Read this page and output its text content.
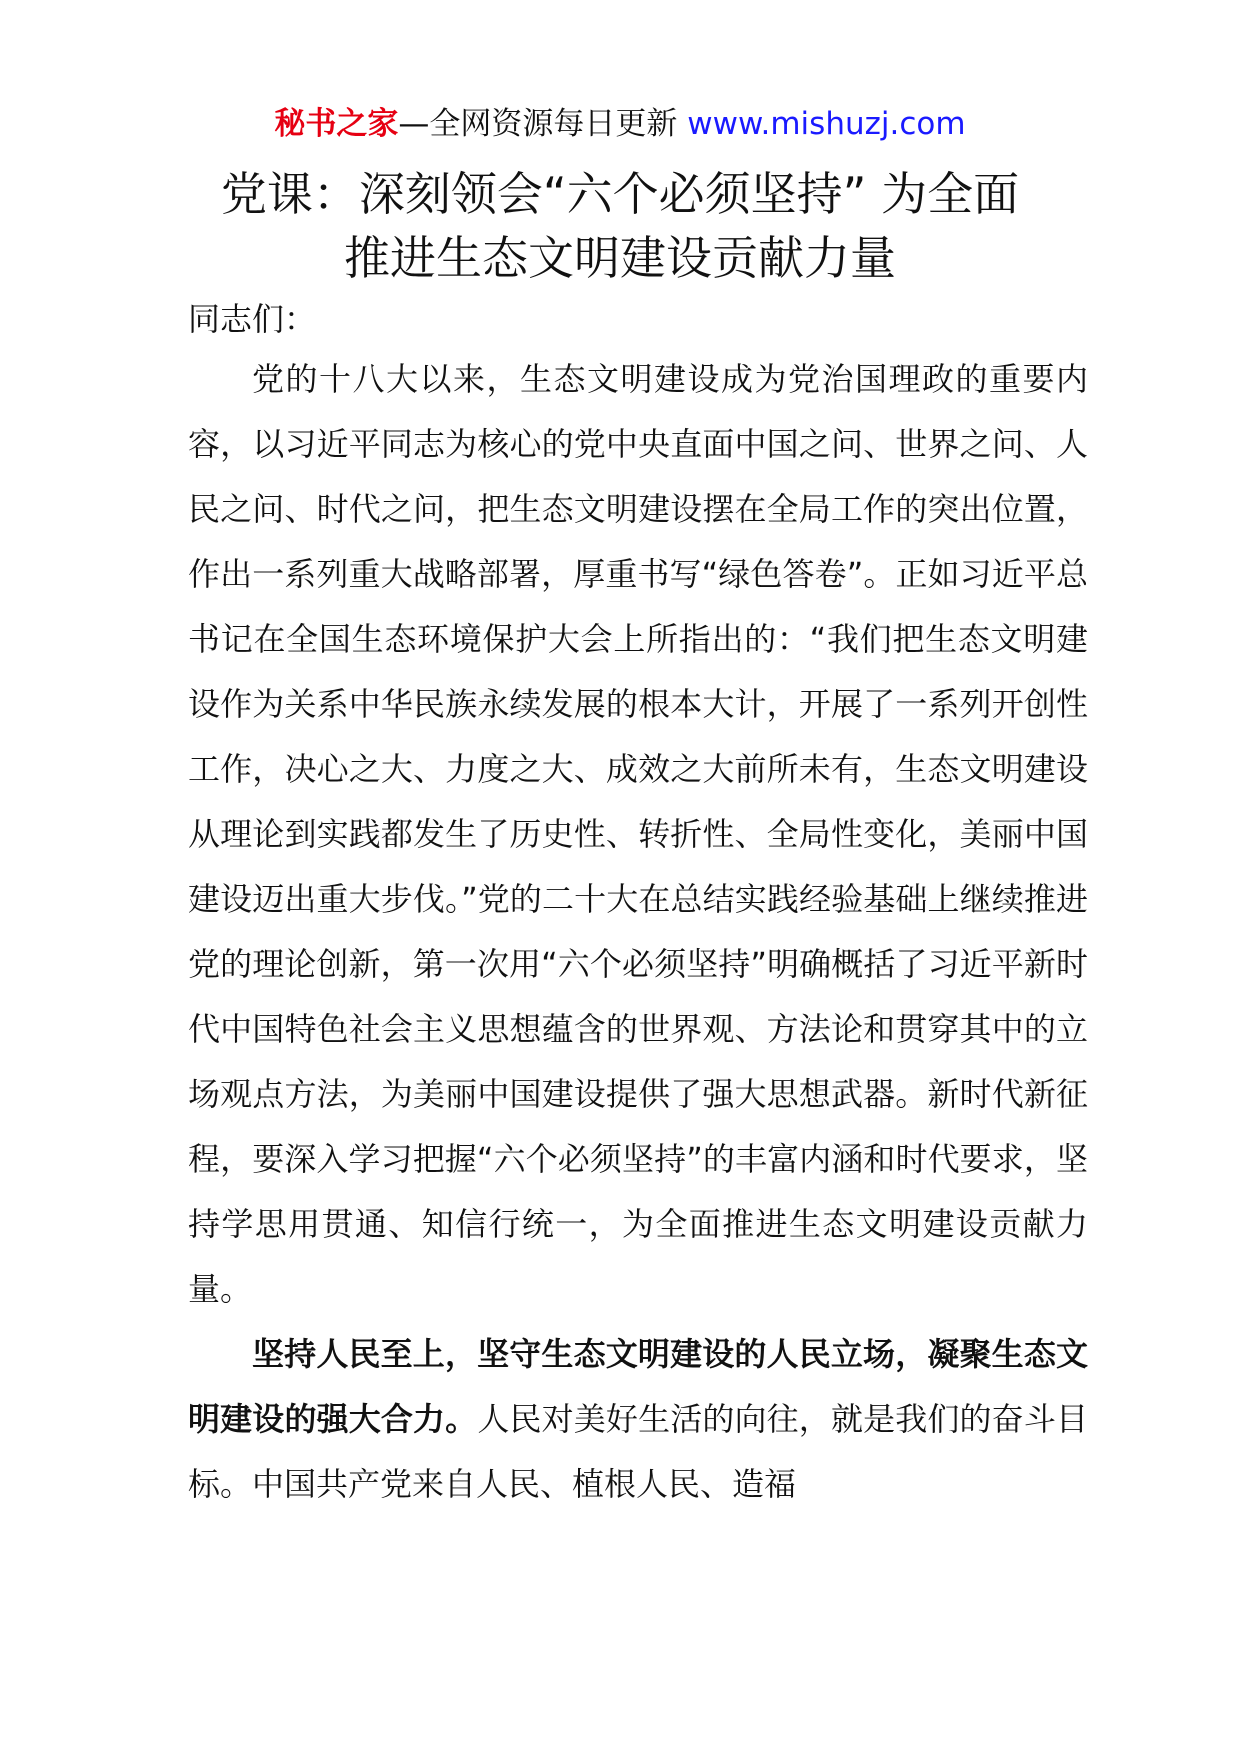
秘书之家—全网资源每日更新 www.mishuzj.com
党课：深刻领会“六个必须坚持” 为全面
推进生态文明建设贡献力量

同志们：

党的十八大以来，生态文明建设成为党治国理政的重要内容，以习近平同志为核心的党中央直面中国之问、世界之问、人民之问、时代之问，把生态文明建设摆在全局工作的突出位置，作出一系列重大战略部署，厚重书写“绿色答卷”。正如习近平总书记在全国生态环境保护大会上所指出的：“我们把生态文明建设作为关系中华民族永续发展的根本大计，开展了一系列开创性工作，决心之大、力度之大、成效之大前所未有，生态文明建设从理论到实践都发生了历史性、转折性、全局性变化，美丽中国建设迈出重大步伐。”党的二十大在总结实践经验基础上继续推进党的理论创新，第一次用“六个必须坚持”明确概括了习近平新时代中国特色社会主义思想蕴含的世界观、方法论和贯穿其中的立场观点方法，为美丽中国建设提供了强大思想武器。新时代新征程，要深入学习把握“六个必须坚持”的丰富内涵和时代要求，坚持学思用贯通、知信行统一，为全面推进生态文明建设贡献力量。

坚持人民至上，坚守生态文明建设的人民立场，凝聚生态文明建设的强大合力。人民对美好生活的向往，就是我们的奋斗目标。中国共产党来自人民、植根人民、造福
